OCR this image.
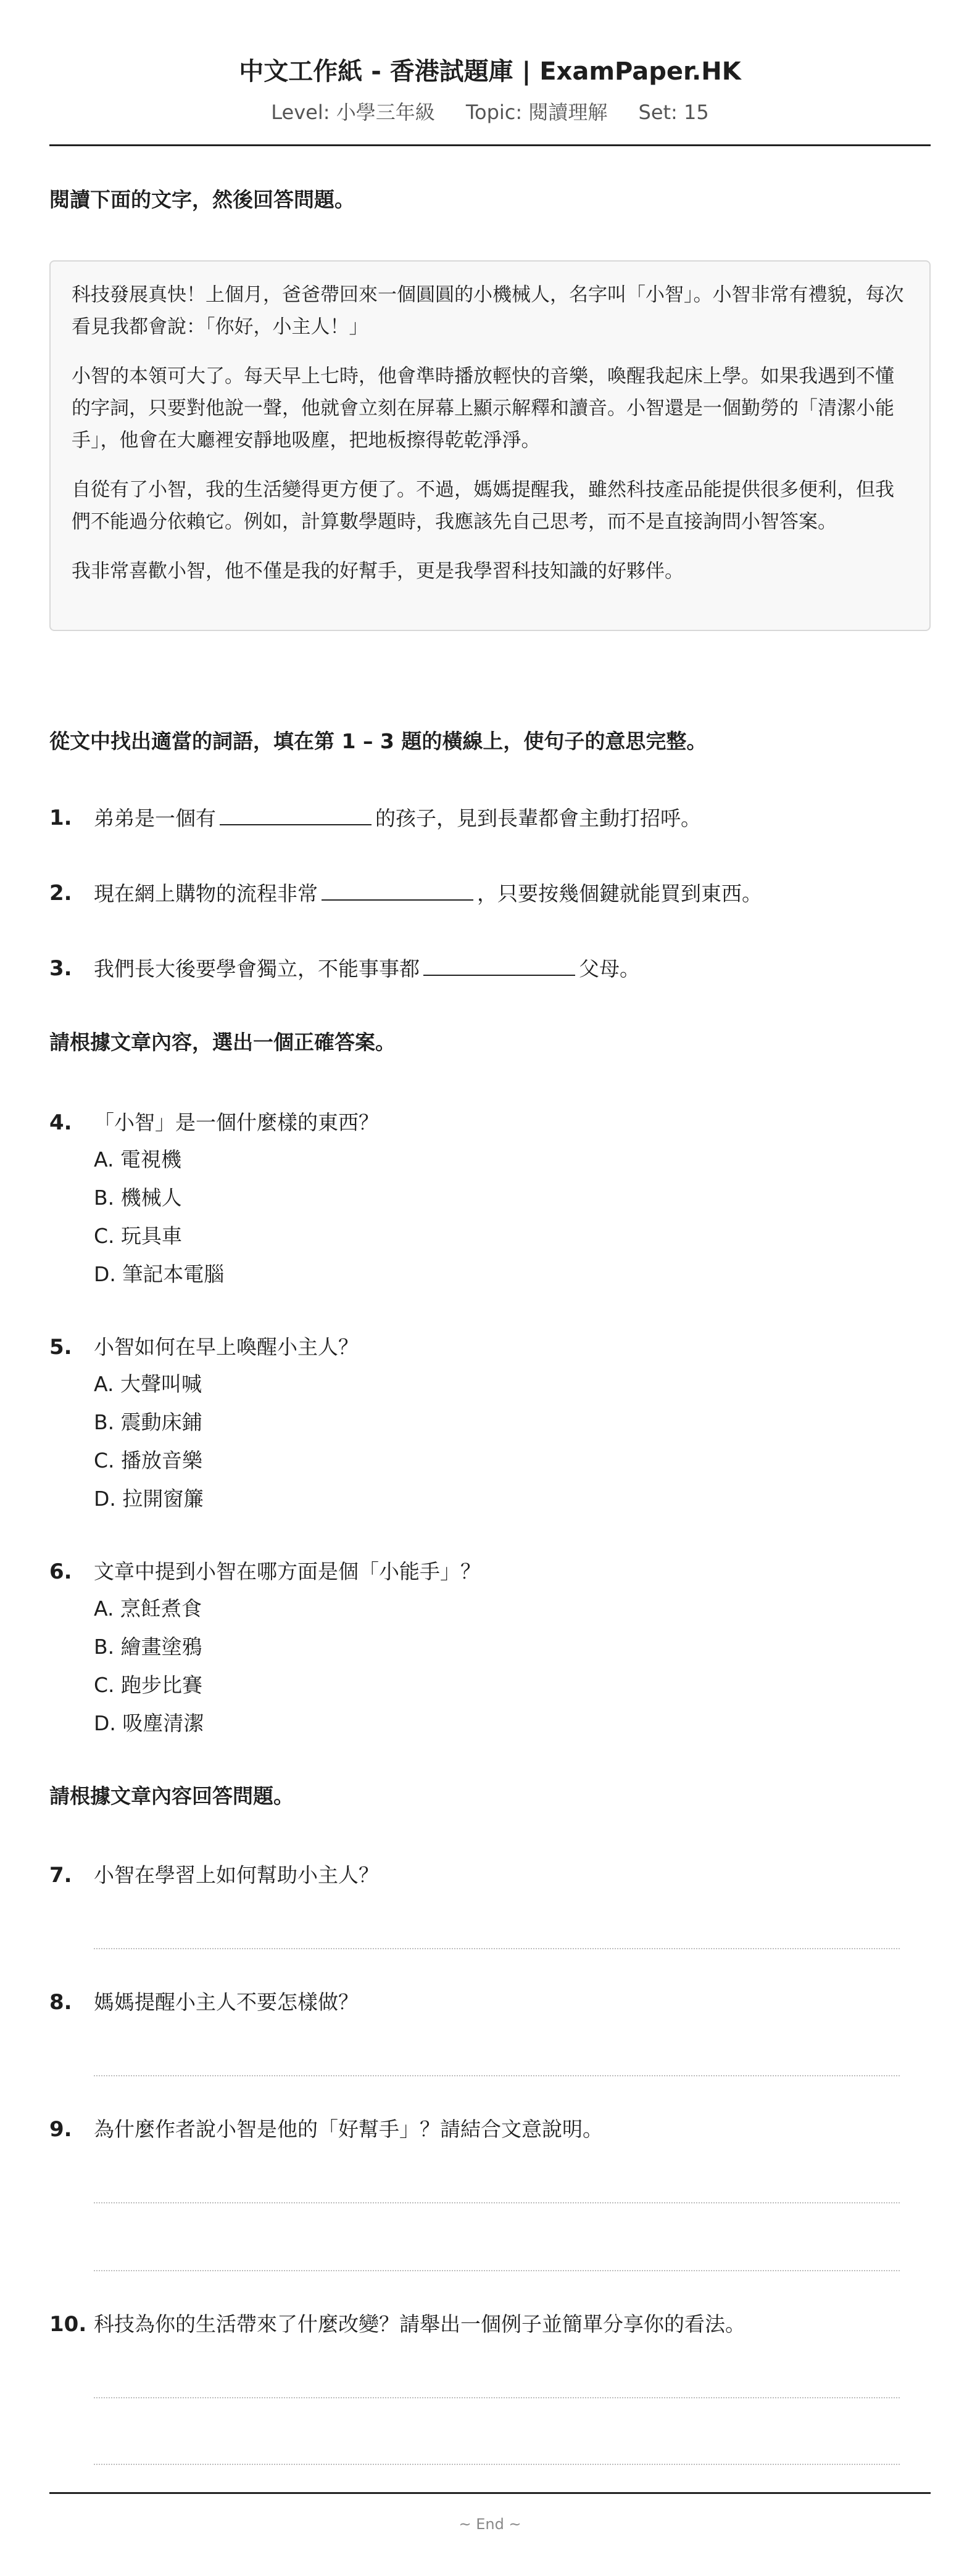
中文工作紙 - 香港試題庫 | ExamPaper.HK
Level: 小學三年級 Topic: 閱讀理解 Set: 15
閱讀下面的文字，然後回答問題。

科技發展真快！上個月，爸爸帶回來一個圓圓的小機械人，名字叫「小智」。小智非常有禮貌，每次看見我都會說：「你好，小主人！」

小智的本領可大了。每天早上七時，他會準時播放輕快的音樂，喚醒我起床上學。如果我遇到不懂的字詞，只要對他說一聲，他就會立刻在屏幕上顯示解釋和讀音。小智還是一個勤勞的「清潔小能手」，他會在大廳裡安靜地吸塵，把地板擦得乾乾淨淨。

自從有了小智，我的生活變得更方便了。不過，媽媽提醒我，雖然科技產品能提供很多便利，但我們不能過分依賴它。例如，計算數學題時，我應該先自己思考，而不是直接詢問小智答案。

我非常喜歡小智，他不僅是我的好幫手，更是我學習科技知識的好夥伴。

從文中找出適當的詞語，填在第 1 – 3 題的橫線上，使句子的意思完整。
1. 弟弟是一個有	的孩子，見到長輩都會主動打招呼。
2. 現在網上購物的流程非常	，只要按幾個鍵就能買到東西。
3. 我們長大後要學會獨立，不能事事都	父母。
請根據文章內容，選出一個正確答案。
4. 「小智」是一個什麼樣的東西？
A. 電視機
B. 機械人
C. 玩具車
D. 筆記本電腦
5. 小智如何在早上喚醒小主人？
A. 大聲叫喊
B. 震動床鋪
C. 播放音樂
D. 拉開窗簾
6. 文章中提到小智在哪方面是個「小能手」？
A. 烹飪煮食
B. 繪畫塗鴉
C. 跑步比賽
D. 吸塵清潔
請根據文章內容回答問題。
7. 小智在學習上如何幫助小主人？
8. 媽媽提醒小主人不要怎樣做？
9. 為什麼作者說小智是他的「好幫手」？請結合文意說明。
10. 科技為你的生活帶來了什麼改變？請舉出一個例子並簡單分享你的看法。
~ End ~
